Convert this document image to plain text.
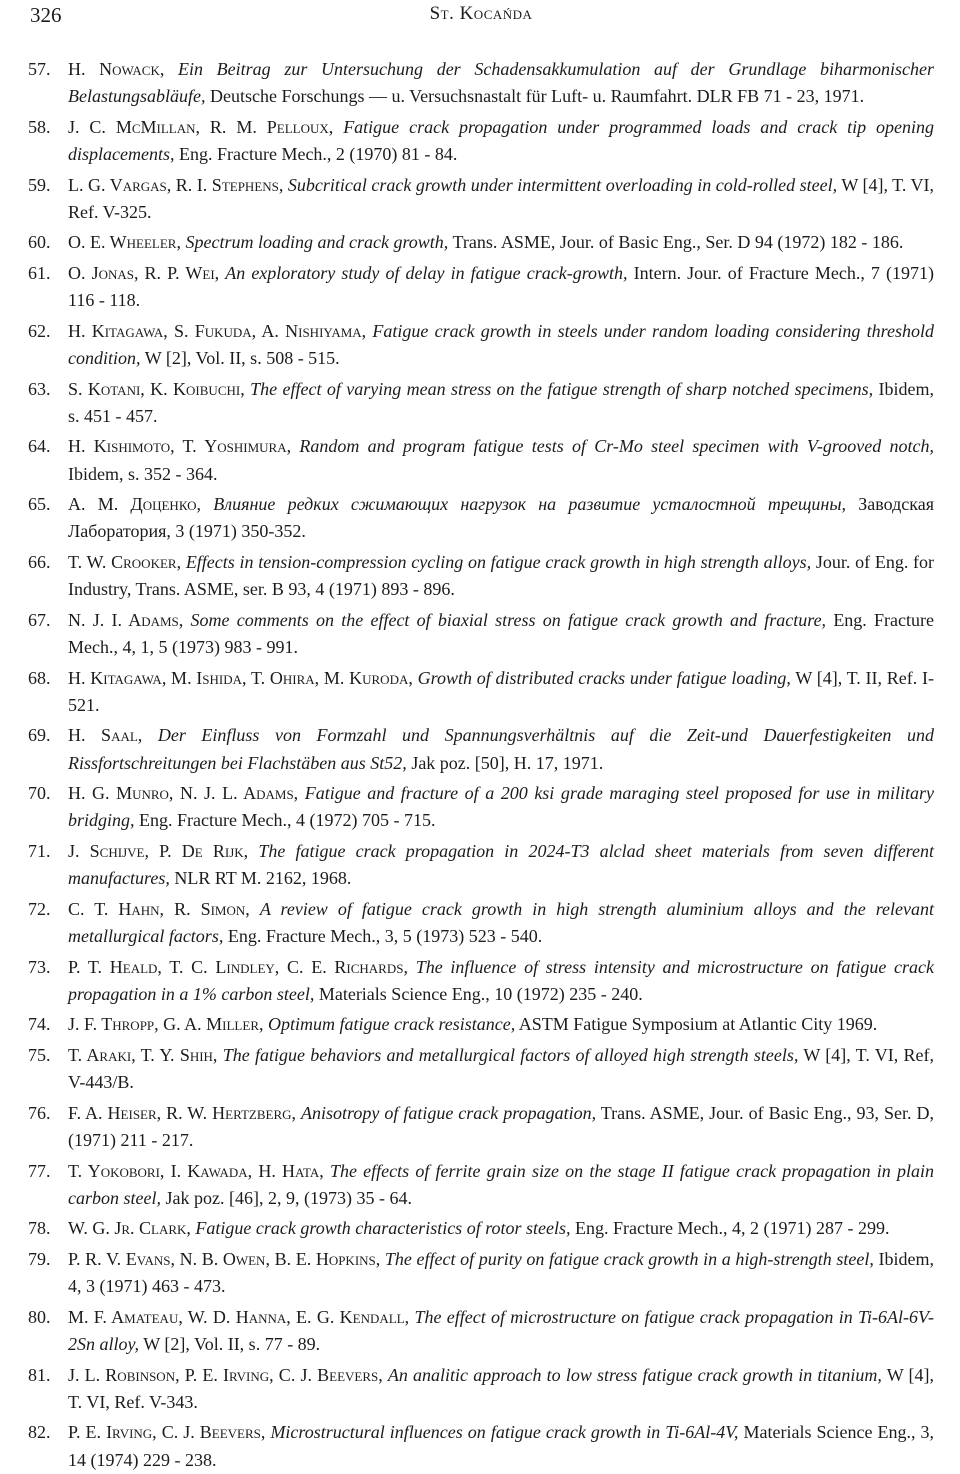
326	St. Kocańda
57. H. Nowack, Ein Beitrag zur Untersuchung der Schadensakkumulation auf der Grundlage biharmonischer Belastungsabläufe, Deutsche Forschungs — u. Versuchsnastalt für Luft- u. Raumfahrt. DLR FB 71 - 23, 1971.
58. J. C. McMillan, R. M. Pelloux, Fatigue crack propagation under programmed loads and crack tip opening displacements, Eng. Fracture Mech., 2 (1970) 81 - 84.
59. L. G. Vargas, R. I. Stephens, Subcritical crack growth under intermittent overloading in cold-rolled steel, W [4], T. VI, Ref. V-325.
60. O. E. Wheeler, Spectrum loading and crack growth, Trans. ASME, Jour. of Basic Eng., Ser. D 94 (1972) 182 - 186.
61. O. Jonas, R. P. Wei, An exploratory study of delay in fatigue crack-growth, Intern. Jour. of Fracture Mech., 7 (1971) 116 - 118.
62. H. Kitagawa, S. Fukuda, A. Nishiyama, Fatigue crack growth in steels under random loading considering threshold condition, W [2], Vol. II, s. 508 - 515.
63. S. Kotani, K. Koibuchi, The effect of varying mean stress on the fatigue strength of sharp notched specimens, Ibidem, s. 451 - 457.
64. H. Kishimoto, T. Yoshimura, Random and program fatigue tests of Cr-Mo steel specimen with V-grooved notch, Ibidem, s. 352 - 364.
65. A. M. Доценко, Влияние редких сжимающих нагрузок на развитие усталостной трещины, Заводская Лаборатория, 3 (1971) 350-352.
66. T. W. Crooker, Effects in tension-compression cycling on fatigue crack growth in high strength alloys, Jour. of Eng. for Industry, Trans. ASME, ser. B 93, 4 (1971) 893 - 896.
67. N. J. I. Adams, Some comments on the effect of biaxial stress on fatigue crack growth and fracture, Eng. Fracture Mech., 4, 1, 5 (1973) 983 - 991.
68. H. Kitagawa, M. Ishida, T. Ohira, M. Kuroda, Growth of distributed cracks under fatigue loading, W [4], T. II, Ref. I-521.
69. H. Saal, Der Einfluss von Formzahl und Spannungsverhältnis auf die Zeit-und Dauerfestigkeiten und Rissfortschreitungen bei Flachstäben aus St52, Jak poz. [50], H. 17, 1971.
70. H. G. Munro, N. J. L. Adams, Fatigue and fracture of a 200 ksi grade maraging steel proposed for use in military bridging, Eng. Fracture Mech., 4 (1972) 705 - 715.
71. J. Schijve, P. De Rijk, The fatigue crack propagation in 2024-T3 alclad sheet materials from seven different manufactures, NLR RT M. 2162, 1968.
72. C. T. Hahn, R. Simon, A review of fatigue crack growth in high strength aluminium alloys and the relevant metallurgical factors, Eng. Fracture Mech., 3, 5 (1973) 523 - 540.
73. P. T. Heald, T. C. Lindley, C. E. Richards, The influence of stress intensity and microstructure on fatigue crack propagation in a 1% carbon steel, Materials Science Eng., 10 (1972) 235 - 240.
74. J. F. Thropp, G. A. Miller, Optimum fatigue crack resistance, ASTM Fatigue Symposium at Atlantic City 1969.
75. T. Araki, T. Y. Shih, The fatigue behaviors and metallurgical factors of alloyed high strength steels, W [4], T. VI, Ref, V-443/B.
76. F. A. Heiser, R. W. Hertzberg, Anisotropy of fatigue crack propagation, Trans. ASME, Jour. of Basic Eng., 93, Ser. D, (1971) 211 - 217.
77. T. Yokobori, I. Kawada, H. Hata, The effects of ferrite grain size on the stage II fatigue crack propagation in plain carbon steel, Jak poz. [46], 2, 9, (1973) 35 - 64.
78. W. G. Jr. Clark, Fatigue crack growth characteristics of rotor steels, Eng. Fracture Mech., 4, 2 (1971) 287 - 299.
79. P. R. V. Evans, N. B. Owen, B. E. Hopkins, The effect of purity on fatigue crack growth in a high-strength steel, Ibidem, 4, 3 (1971) 463 - 473.
80. M. F. Amateau, W. D. Hanna, E. G. Kendall, The effect of microstructure on fatigue crack propagation in Ti-6Al-6V-2Sn alloy, W [2], Vol. II, s. 77 - 89.
81. J. L. Robinson, P. E. Irving, C. J. Beevers, An analitic approach to low stress fatigue crack growth in titanium, W [4], T. VI, Ref. V-343.
82. P. E. Irving, C. J. Beevers, Microstructural influences on fatigue crack growth in Ti-6Al-4V, Materials Science Eng., 3, 14 (1974) 229 - 238.
